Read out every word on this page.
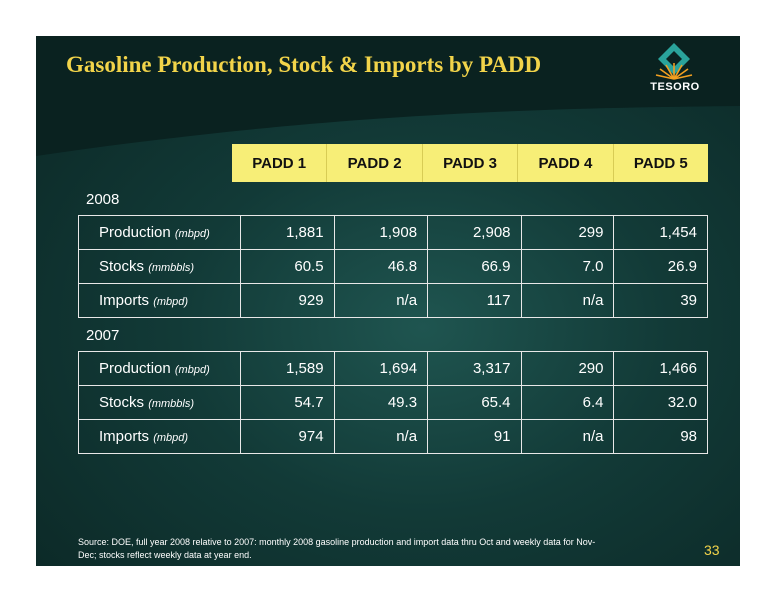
Gasoline Production, Stock & Imports by PADD
TESORO
PADD 1	PADD 2	PADD 3	PADD 4	PADD 5
2008
Production (mbpd)	1,881	1,908	2,908	299	1,454
Stocks (mmbbls)	60.5	46.8	66.9	7.0	26.9
Imports (mbpd)	929	n/a	117	n/a	39
2007
Production (mbpd)	1,589	1,694	3,317	290	1,466
Stocks (mmbbls)	54.7	49.3	65.4	6.4	32.0
Imports (mbpd)	974	n/a	91	n/a	98
Source: DOE, full year 2008 relative to 2007: monthly 2008 gasoline production and import data thru Oct and weekly data for Nov-Dec; stocks reflect weekly data at year end.	33
